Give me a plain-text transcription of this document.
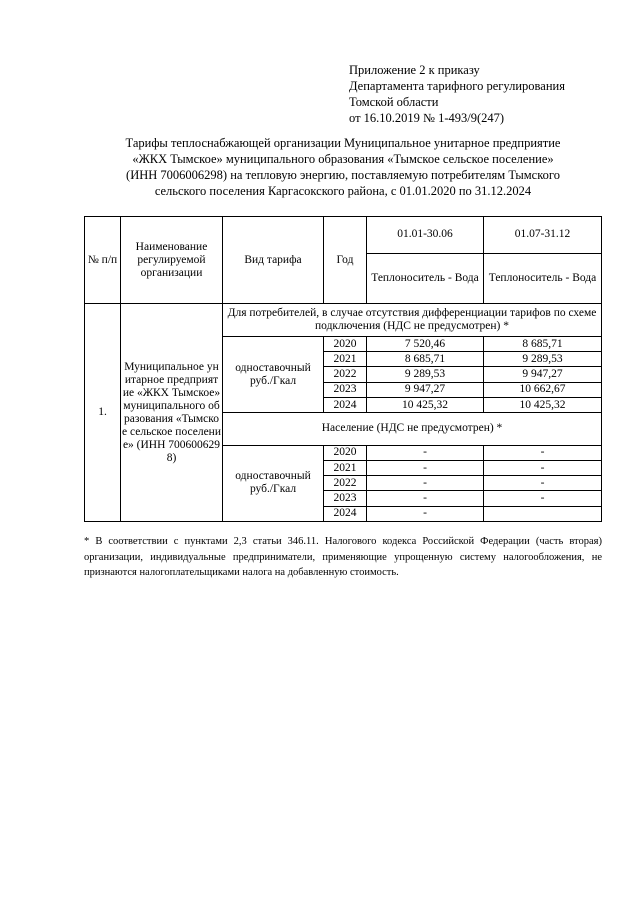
Приложение 2 к приказу
Департамента тарифного регулирования
Томской области
от 16.10.2019 № 1-493/9(247)
Тарифы теплоснабжающей организации Муниципальное унитарное предприятие
«ЖКХ Тымское» муниципального образования «Тымское сельское поселение»
(ИНН 7006006298) на тепловую энергию, поставляемую потребителям Тымского
сельского поселения Каргасокского района, с 01.01.2020 по 31.12.2024
№ п/п	Наименование регулируемой организации	Вид тарифа	Год	01.01-30.06	01.07-31.12
				Теплоноситель - Вода	Теплоноситель - Вода
1.	Муниципальное унитарное предприятие «ЖКХ Тымское» муниципального образования «Тымское сельское поселение» (ИНН 7006006298)	Для потребителей, в случае отсутствия дифференциации тарифов по схеме подключения (НДС не предусмотрен) *			
		одноставочный руб./Гкал	2020	7 520,46	8 685,71
			2021	8 685,71	9 289,53
			2022	9 289,53	9 947,27
			2023	9 947,27	10 662,67
			2024	10 425,32	10 425,32
		Население (НДС не предусмотрен) *			
		одноставочный руб./Гкал	2020	-	-
			2021	-	-
			2022	-	-
			2023	-	-
			2024	-	
* В соответствии с пунктами 2,3 статьи 346.11. Налогового кодекса Российской Федерации (часть вторая) организации, индивидуальные предприниматели, применяющие упрощенную систему налогообложения, не признаются налогоплательщиками налога на добавленную стоимость.
